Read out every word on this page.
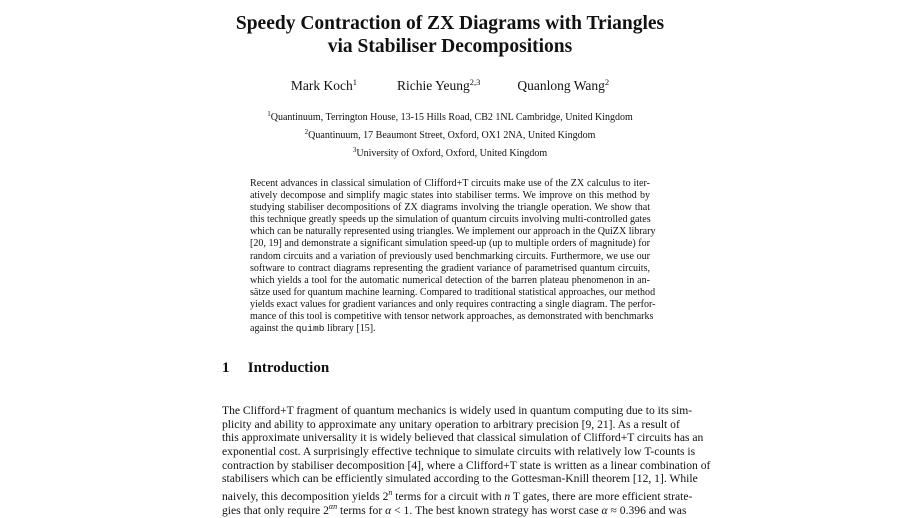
Speedy Contraction of ZX Diagrams with Triangles
via Stabiliser Decompositions
Mark Koch$^1$	Richie Yeung$^{2,3}$	Quanlong Wang$^2$
$^1$Quantinuum, Terrington House, 13-15 Hills Road, CB2 1NL Cambridge, United Kingdom
$^2$Quantinuum, 17 Beaumont Street, Oxford, OX1 2NA, United Kingdom
$^3$University of Oxford, Oxford, United Kingdom
Recent advances in classical simulation of Clifford+T circuits make use of the ZX calculus to iter-
atively decompose and simplify magic states into stabiliser terms. We improve on this method by
studying stabiliser decompositions of ZX diagrams involving the triangle operation. We show that
this technique greatly speeds up the simulation of quantum circuits involving multi-controlled gates
which can be naturally represented using triangles. We implement our approach in the QuiZX library
[20, 19] and demonstrate a significant simulation speed-up (up to multiple orders of magnitude) for
random circuits and a variation of previously used benchmarking circuits. Furthermore, we use our
software to contract diagrams representing the gradient variance of parametrised quantum circuits,
which yields a tool for the automatic numerical detection of the barren plateau phenomenon in an-
sätze used for quantum machine learning. Compared to traditional statistical approaches, our method
yields exact values for gradient variances and only requires contracting a single diagram. The perfor-
mance of this tool is competitive with tensor network approaches, as demonstrated with benchmarks
against the quimb library [15].
1 Introduction
The Clifford+T fragment of quantum mechanics is widely used in quantum computing due to its sim-
plicity and ability to approximate any unitary operation to arbitrary precision [9, 21]. As a result of
this approximate universality it is widely believed that classical simulation of Clifford+T circuits has an
exponential cost. A surprisingly effective technique to simulate circuits with relatively low T-counts is
contraction by stabiliser decomposition [4], where a Clifford+T state is written as a linear combination of
stabilisers which can be efficiently simulated according to the Gottesman-Knill theorem [12, 1]. While
naively, this decomposition yields 2$^n$ terms for a circuit with n T gates, there are more efficient strate-
gies that only require $2^{\alpha n}$ terms for α < 1. The best known strategy has worst case α ≈ 0.396 and was
